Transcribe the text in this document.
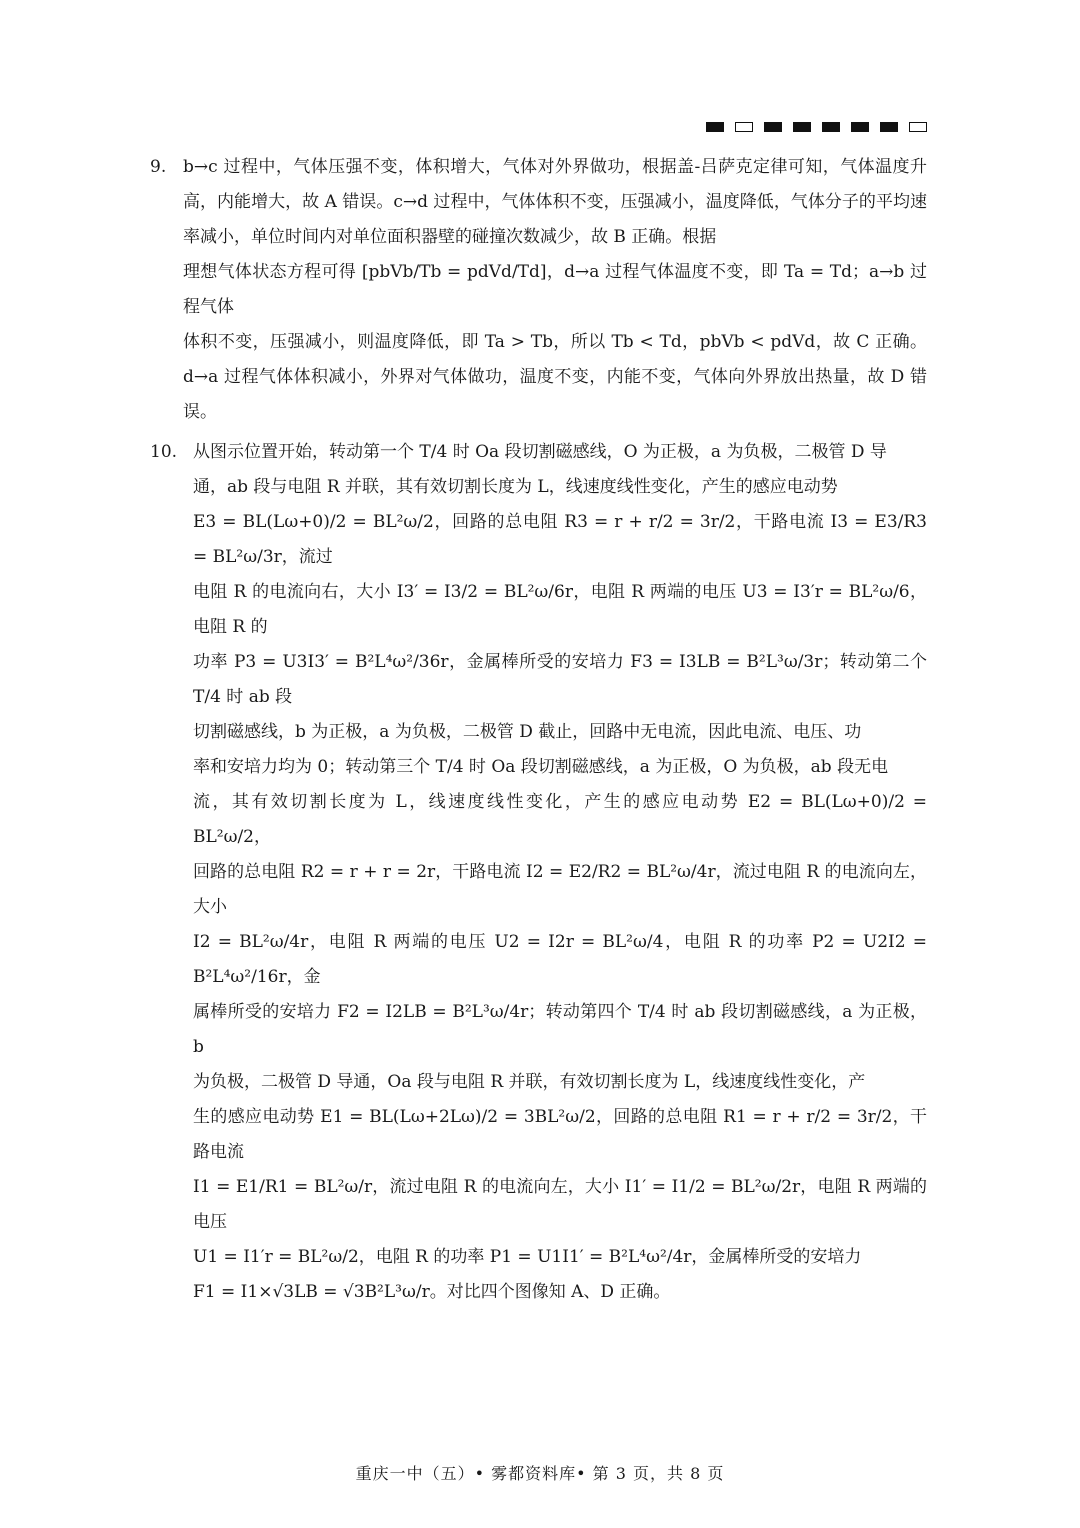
9. b→c 过程中，气体压强不变，体积增大，气体对外界做功，根据盖-吕萨克定律可知，气体温度升高，内能增大，故 A 错误。c→d 过程中，气体体积不变，压强减小，温度降低，气体分子的平均速率减小，单位时间内对单位面积器壁的碰撞次数减少，故 B 正确。根据

理想气体状态方程可得 [pbVb/Tb = pdVd/Td]，d→a 过程气体温度不变，即 Ta = Td；a→b 过程气体

体积不变，压强减小，则温度降低，即 Ta > Tb，所以 Tb < Td，pbVb < pdVd，故 C 正确。d→a 过程气体体积减小，外界对气体做功，温度不变，内能不变，气体向外界放出热量，故 D 错误。

10. 从图示位置开始，转动第一个 T/4 时 Oa 段切割磁感线，O 为正极，a 为负极，二极管 D 导

通，ab 段与电阻 R 并联，其有效切割长度为 L，线速度线性变化，产生的感应电动势

E3 = BL(Lω+0)/2 = BL²ω/2，回路的总电阻 R3 = r + r/2 = 3r/2，干路电流 I3 = E3/R3 = BL²ω/3r，流过

电阻 R 的电流向右，大小 I3′ = I3/2 = BL²ω/6r，电阻 R 两端的电压 U3 = I3′r = BL²ω/6，电阻 R 的

功率 P3 = U3I3′ = B²L⁴ω²/36r，金属棒所受的安培力 F3 = I3LB = B²L³ω/3r；转动第二个 T/4 时 ab 段

切割磁感线，b 为正极，a 为负极，二极管 D 截止，回路中无电流，因此电流、电压、功

率和安培力均为 0；转动第三个 T/4 时 Oa 段切割磁感线，a 为正极，O 为负极，ab 段无电

流，其有效切割长度为 L，线速度线性变化，产生的感应电动势 E2 = BL(Lω+0)/2 = BL²ω/2，

回路的总电阻 R2 = r + r = 2r，干路电流 I2 = E2/R2 = BL²ω/4r，流过电阻 R 的电流向左，大小

I2 = BL²ω/4r，电阻 R 两端的电压 U2 = I2r = BL²ω/4，电阻 R 的功率 P2 = U2I2 = B²L⁴ω²/16r，金

属棒所受的安培力 F2 = I2LB = B²L³ω/4r；转动第四个 T/4 时 ab 段切割磁感线，a 为正极，b

为负极，二极管 D 导通，Oa 段与电阻 R 并联，有效切割长度为 L，线速度线性变化，产

生的感应电动势 E1 = BL(Lω+2Lω)/2 = 3BL²ω/2，回路的总电阻 R1 = r + r/2 = 3r/2，干路电流

I1 = E1/R1 = BL²ω/r，流过电阻 R 的电流向左，大小 I1′ = I1/2 = BL²ω/2r，电阻 R 两端的电压

U1 = I1′r = BL²ω/2，电阻 R 的功率 P1 = U1I1′ = B²L⁴ω²/4r，金属棒所受的安培力

F1 = I1×√3LB = √3B²L³ω/r。对比四个图像知 A、D 正确。

重庆一中（五）• 雾都资料库• 第 3 页，共 8 页
